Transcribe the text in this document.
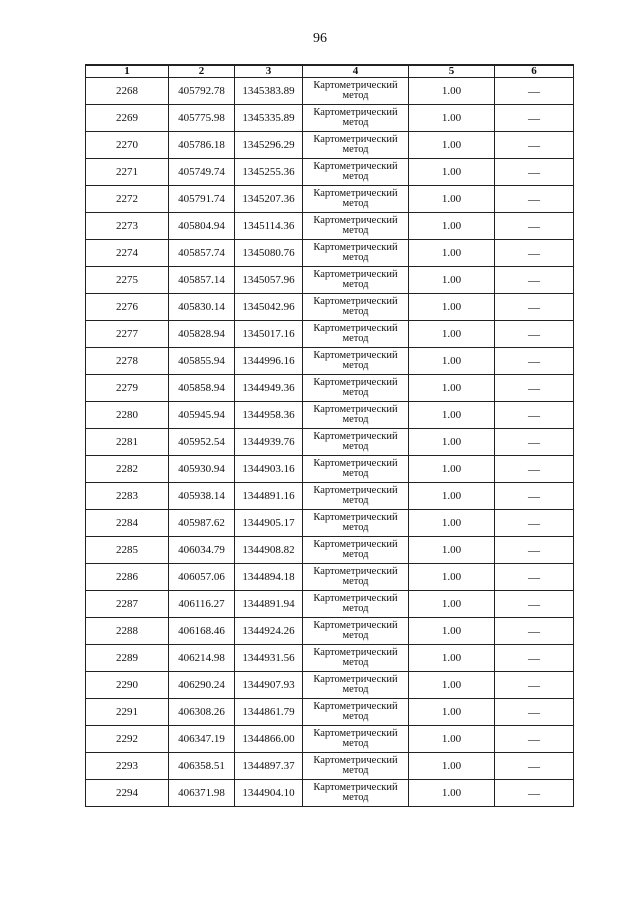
96
1	2	3	4	5	6
2268	405792.78	1345383.89	Картометрический метод	1.00	—
2269	405775.98	1345335.89	Картометрический метод	1.00	—
2270	405786.18	1345296.29	Картометрический метод	1.00	—
2271	405749.74	1345255.36	Картометрический метод	1.00	—
2272	405791.74	1345207.36	Картометрический метод	1.00	—
2273	405804.94	1345114.36	Картометрический метод	1.00	—
2274	405857.74	1345080.76	Картометрический метод	1.00	—
2275	405857.14	1345057.96	Картометрический метод	1.00	—
2276	405830.14	1345042.96	Картометрический метод	1.00	—
2277	405828.94	1345017.16	Картометрический метод	1.00	—
2278	405855.94	1344996.16	Картометрический метод	1.00	—
2279	405858.94	1344949.36	Картометрический метод	1.00	—
2280	405945.94	1344958.36	Картометрический метод	1.00	—
2281	405952.54	1344939.76	Картометрический метод	1.00	—
2282	405930.94	1344903.16	Картометрический метод	1.00	—
2283	405938.14	1344891.16	Картометрический метод	1.00	—
2284	405987.62	1344905.17	Картометрический метод	1.00	—
2285	406034.79	1344908.82	Картометрический метод	1.00	—
2286	406057.06	1344894.18	Картометрический метод	1.00	—
2287	406116.27	1344891.94	Картометрический метод	1.00	—
2288	406168.46	1344924.26	Картометрический метод	1.00	—
2289	406214.98	1344931.56	Картометрический метод	1.00	—
2290	406290.24	1344907.93	Картометрический метод	1.00	—
2291	406308.26	1344861.79	Картометрический метод	1.00	—
2292	406347.19	1344866.00	Картометрический метод	1.00	—
2293	406358.51	1344897.37	Картометрический метод	1.00	—
2294	406371.98	1344904.10	Картометрический метод	1.00	—
